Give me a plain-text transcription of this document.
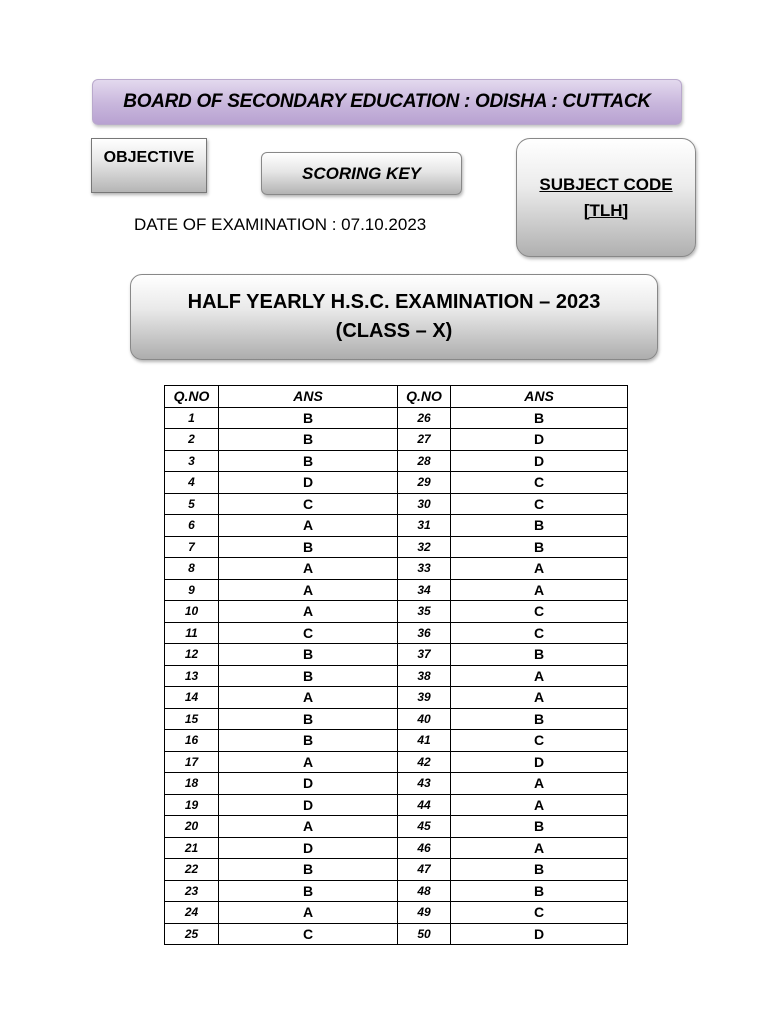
BOARD OF SECONDARY EDUCATION : ODISHA : CUTTACK
OBJECTIVE
SCORING KEY
SUBJECT CODE
[TLH]
DATE OF EXAMINATION : 07.10.2023
HALF YEARLY H.S.C. EXAMINATION – 2023
(CLASS – X)
Q.NO	ANS	Q.NO	ANS
1	B	26	B
2	B	27	D
3	B	28	D
4	D	29	C
5	C	30	C
6	A	31	B
7	B	32	B
8	A	33	A
9	A	34	A
10	A	35	C
11	C	36	C
12	B	37	B
13	B	38	A
14	A	39	A
15	B	40	B
16	B	41	C
17	A	42	D
18	D	43	A
19	D	44	A
20	A	45	B
21	D	46	A
22	B	47	B
23	B	48	B
24	A	49	C
25	C	50	D
